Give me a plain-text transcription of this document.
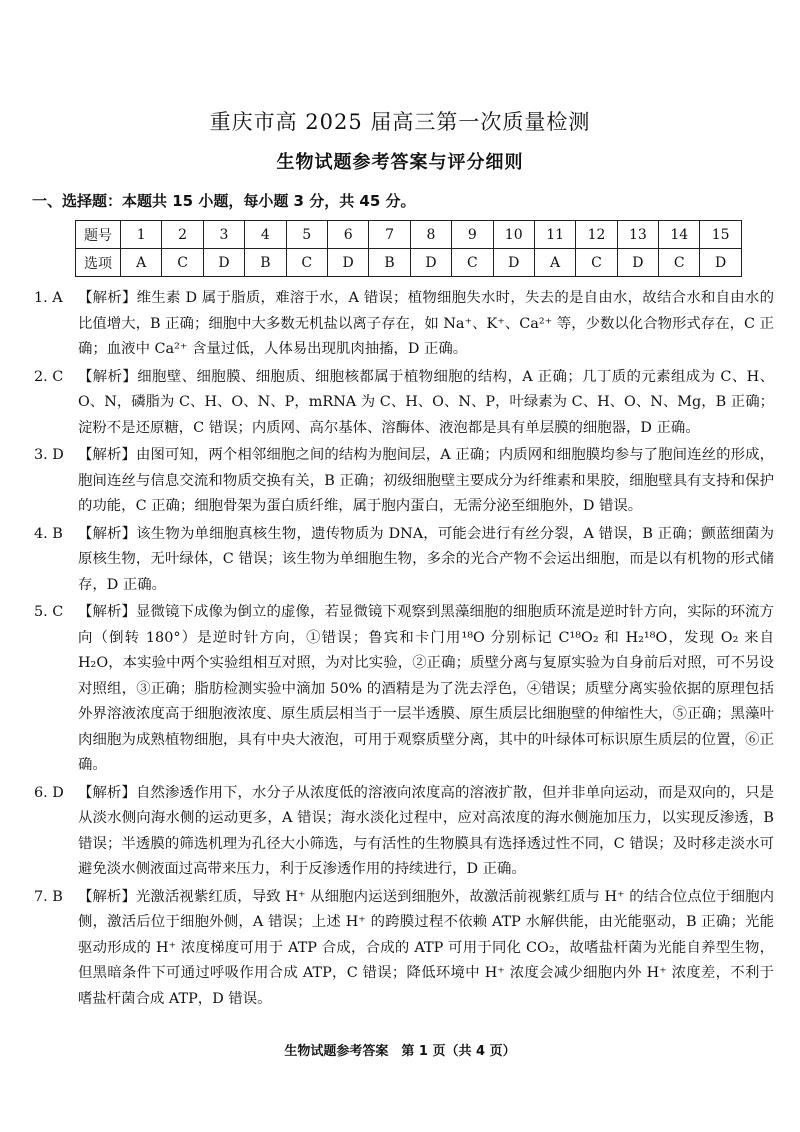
重庆市高 2025 届高三第一次质量检测
生物试题参考答案与评分细则
一、选择题：本题共 15 小题，每小题 3 分，共 45 分。
题号	1	2	3	4	5	6	7	8	9	10	11	12	13	14	15
选项	A	C	D	B	C	D	B	D	C	D	A	C	D	C	D
1. A	【解析】维生素 D 属于脂质，难溶于水，A 错误；植物细胞失水时，失去的是自由水，故结合水和自由水的比值增大，B 正确；细胞中大多数无机盐以离子存在，如 Na⁺、K⁺、Ca²⁺ 等，少数以化合物形式存在，C 正确；血液中 Ca²⁺ 含量过低，人体易出现肌肉抽搐，D 正确。
2. C	【解析】细胞壁、细胞膜、细胞质、细胞核都属于植物细胞的结构，A 正确；几丁质的元素组成为 C、H、O、N，磷脂为 C、H、O、N、P，mRNA 为 C、H、O、N、P，叶绿素为 C、H、O、N、Mg，B 正确；淀粉不是还原糖，C 错误；内质网、高尔基体、溶酶体、液泡都是具有单层膜的细胞器，D 正确。
3. D 【解析】由图可知，两个相邻细胞之间的结构为胞间层，A 正确；内质网和细胞膜均参与了胞间连丝的形成，胞间连丝与信息交流和物质交换有关，B 正确；初级细胞壁主要成分为纤维素和果胶，细胞壁具有支持和保护的功能，C 正确；细胞骨架为蛋白质纤维，属于胞内蛋白，无需分泌至细胞外，D 错误。
4. B	【解析】该生物为单细胞真核生物，遗传物质为 DNA，可能会进行有丝分裂，A 错误，B 正确；颤蓝细菌为原核生物，无叶绿体，C 错误；该生物为单细胞生物，多余的光合产物不会运出细胞，而是以有机物的形式储存，D 正确。
5. C	【解析】显微镜下成像为倒立的虚像，若显微镜下观察到黑藻细胞的细胞质环流是逆时针方向，实际的环流方向（倒转 180°）是逆时针方向，①错误；鲁宾和卡门用¹⁸O 分别标记 C¹⁸O₂ 和 H₂¹⁸O，发现 O₂ 来自 H₂O，本实验中两个实验组相互对照，为对比实验，②正确；质壁分离与复原实验为自身前后对照，可不另设对照组，③正确；脂肪检测实验中滴加 50% 的酒精是为了洗去浮色，④错误；质壁分离实验依据的原理包括外界溶液浓度高于细胞液浓度、原生质层相当于一层半透膜、原生质层比细胞壁的伸缩性大，⑤正确；黑藻叶肉细胞为成熟植物细胞，具有中央大液泡，可用于观察质壁分离，其中的叶绿体可标识原生质层的位置，⑥正确。
6. D 【解析】自然渗透作用下，水分子从浓度低的溶液向浓度高的溶液扩散，但并非单向运动，而是双向的，只是从淡水侧向海水侧的运动更多，A 错误；海水淡化过程中，应对高浓度的海水侧施加压力，以实现反渗透，B 错误；半透膜的筛选机理为孔径大小筛选，与有活性的生物膜具有选择透过性不同，C 错误；及时移走淡水可避免淡水侧液面过高带来压力，利于反渗透作用的持续进行，D 正确。
7. B	【解析】光激活视紫红质，导致 H⁺ 从细胞内运送到细胞外，故激活前视紫红质与 H⁺ 的结合位点位于细胞内侧，激活后位于细胞外侧，A 错误；上述 H⁺ 的跨膜过程不依赖 ATP 水解供能，由光能驱动，B 正确；光能驱动形成的 H⁺ 浓度梯度可用于 ATP 合成，合成的 ATP 可用于同化 CO₂，故嗜盐杆菌为光能自养型生物，但黑暗条件下可通过呼吸作用合成 ATP，C 错误；降低环境中 H⁺ 浓度会减少细胞内外 H⁺ 浓度差，不利于嗜盐杆菌合成 ATP，D 错误。
生物试题参考答案　第 1 页（共 4 页）
